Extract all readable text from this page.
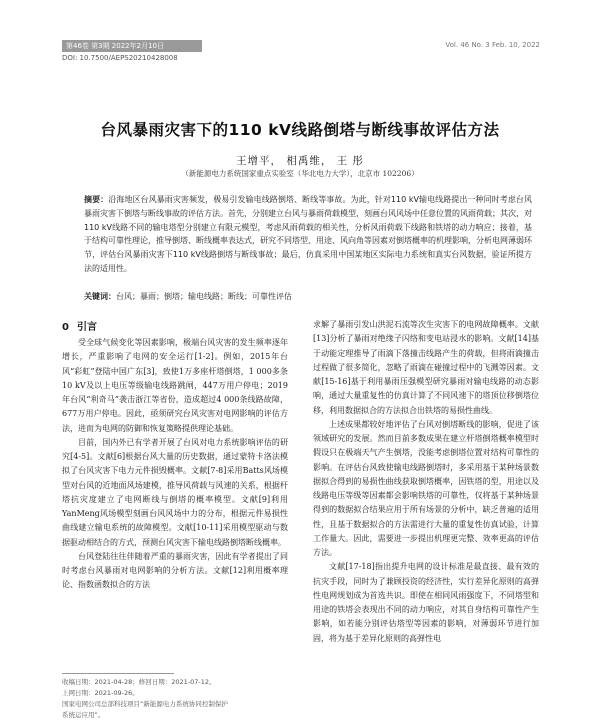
第46卷 第3期 2022年2月10日	Vol. 46 No. 3 Feb. 10, 2022
DOI: 10.7500/AEPS20210428008
台风暴雨灾害下的110 kV线路倒塔与断线事故评估方法
王增平， 相禹维， 王 彤
（新能源电力系统国家重点实验室（华北电力大学），北京市 102206）
摘要：沿海地区台风暴雨灾害频发，极易引发输电线路倒塔、断线等事故。为此，针对110 kV输电线路提出一种同时考虑台风暴雨灾害下倒塔与断线事故的评估方法。首先，分别建立台风与暴雨荷载模型，刻画台风风场中任意位置的风雨荷载；其次，对110 kV线路不同的输电塔型分别建立有限元模型，考虑风雨荷载的相关性，分析风雨荷载下线路和铁塔的动力响应；接着，基于结构可靠性理论，推导倒塔、断线概率表达式，研究不同塔型、用途、风向角等因素对倒塔概率的机理影响，分析电网薄弱环节，评估台风暴雨灾害下110 kV线路倒塔与断线事故；最后，仿真采用中国某地区实际电力系统和真实台风数据，验证所提方法的适用性。
关键词：台风；暴雨；倒塔；输电线路；断线；可靠性评估
0 引言

受全球气候变化等因素影响，极端台风灾害的发生频率逐年增长，严重影响了电网的安全运行[1-2]。例如，2015年台风“彩虹”登陆中国广东[3]，致使1万多座杆塔倒塔，1 000多条10 kV及以上电压等级输电线路跳闸，447万用户停电；2019年台风“利奇马”袭击浙江等省份，造成超过4 000条线路故障，677万用户停电。因此，亟须研究台风灾害对电网影响的评估方法，进而为电网的防御和恢复策略提供理论基础。

目前，国内外已有学者开展了台风对电力系统影响评估的研究[4-5]。文献[6]根据台风大量的历史数据，通过蒙特卡洛法模拟了台风灾害下电力元件损毁概率。文献[7-8]采用Batts风场模型对台风的近地面风场建模，推导风荷载与风速的关系，根据杆塔抗灾度建立了电网断线与倒塔的概率模型。文献[9]利用YanMeng风场模型刻画台风风场中力的分布，根据元件易损性曲线建立输电系统的故障模型。文献[10-11]采用模型驱动与数据驱动相结合的方式，预测台风灾害下输电线路倒塔断线概率。

台风登陆往往伴随着严重的暴雨灾害，因此有学者提出了同时考虑台风暴雨对电网影响的分析方法。文献[12]利用概率理论、指数函数拟合的方法

求解了暴雨引发山洪泥石流等次生灾害下的电网故障概率。文献[13]分析了暴雨对绝缘子闪络和变电站浸水的影响。文献[14]基于动能定理推导了雨滴下落撞击线路产生的荷载，但将雨滴撞击过程做了很多简化，忽略了雨滴在碰撞过程中的飞溅等因素。文献[15-16]基于利用暴雨压强模型研究暴雨对输电线路的动态影响，通过大量重复性的仿真计算了不同风速下的塔顶位移倒塔位移，利用数据拟合的方法拟合出铁塔的易损性曲线。

上述成果都较好地评估了台风对倒塔断线的影响，促进了该领域研究的发展。然而目前多数成果在建立杆塔倒塔概率模型时假设只在极端天气产生倒塔，没能考虑倒塔位置对结构可靠性的影响。在评估台风致使输电线路倒塔时，多采用基于某种场景数据拟合得到的易损性曲线获取倒塔概率，因铁塔的型，用途以及线路电压等级等因素都会影响铁塔的可靠性，仅将基于某种场景得到的数据拟合结果应用于所有场景的分析中，缺乏普遍的适用性，且基于数据拟合的方法需进行大量的重复性仿真试验，计算工作量大。因此，需要进一步提出机理更完整、效率更高的评估方法。

文献[17-18]指出提升电网的设计标准是最直接、最有效的抗灾手段，同时为了兼顾投资的经济性，实行差异化原则的高弹性电网规划成为首选共识。即使在相同风雨强度下，不同塔型和用途的铁塔会表现出不同的动力响应，对其自身结构可靠性产生影响，如若能分别评估塔型等因素的影响，对薄弱环节进行加固，将为基于差异化原则的高弹性电

收稿日期：2021-04-28；修回日期：2021-07-12。
上网日期：2021-09-26。
国家电网公司总部科技项目“新能源电力系统协同控制保护
系统运应用”。
